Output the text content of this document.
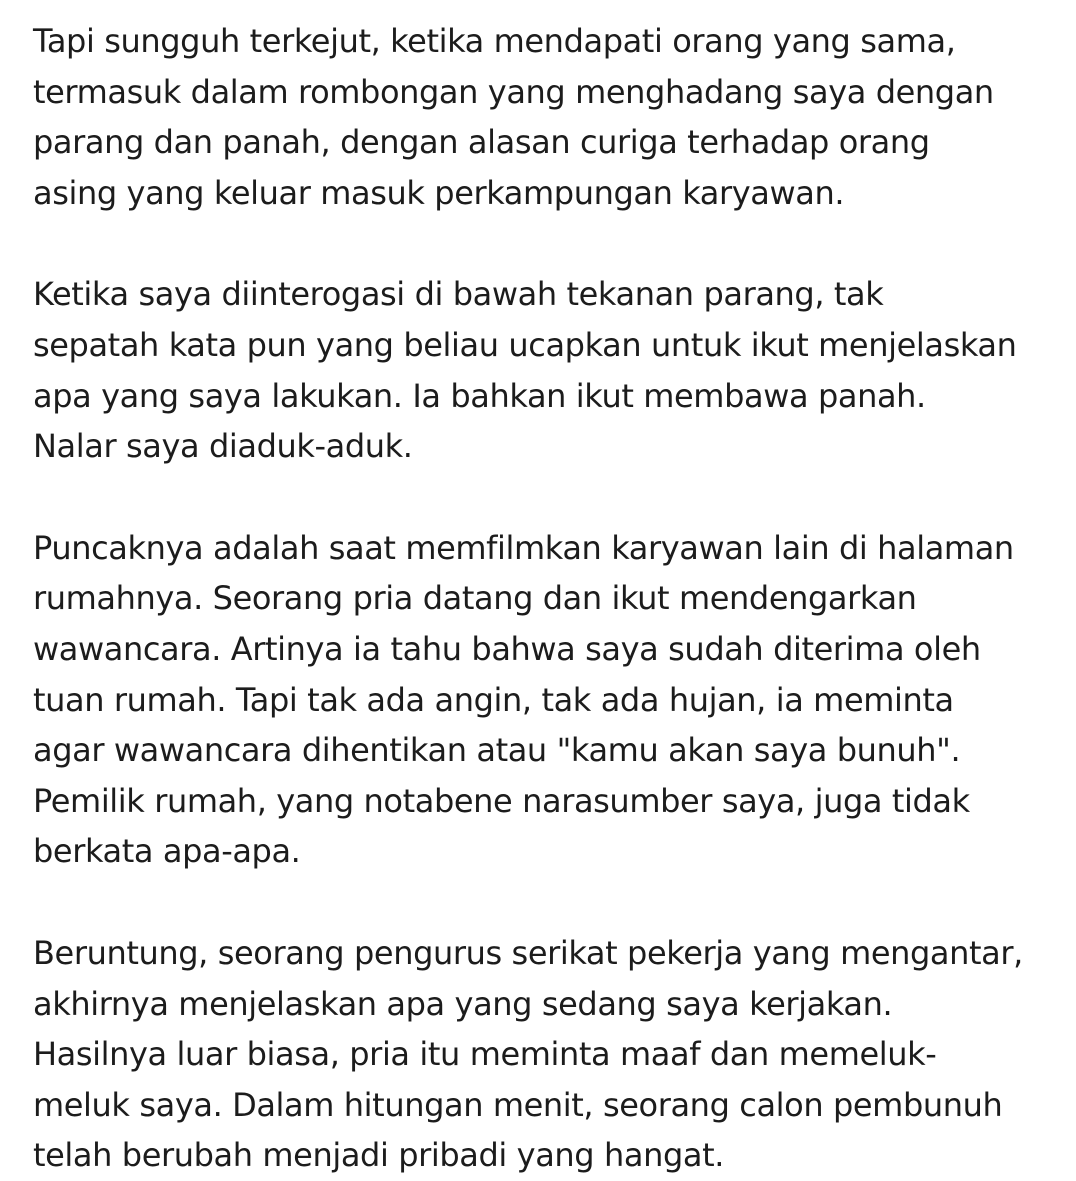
Tapi sungguh terkejut, ketika mendapati orang yang sama,
termasuk dalam rombongan yang menghadang saya dengan
parang dan panah, dengan alasan curiga terhadap orang
asing yang keluar masuk perkampungan karyawan.
Ketika saya diinterogasi di bawah tekanan parang, tak
sepatah kata pun yang beliau ucapkan untuk ikut menjelaskan
apa yang saya lakukan. Ia bahkan ikut membawa panah.
Nalar saya diaduk-aduk.
Puncaknya adalah saat memfilmkan karyawan lain di halaman
rumahnya. Seorang pria datang dan ikut mendengarkan
wawancara. Artinya ia tahu bahwa saya sudah diterima oleh
tuan rumah. Tapi tak ada angin, tak ada hujan, ia meminta
agar wawancara dihentikan atau "kamu akan saya bunuh".
Pemilik rumah, yang notabene narasumber saya, juga tidak
berkata apa-apa.
Beruntung, seorang pengurus serikat pekerja yang mengantar,
akhirnya menjelaskan apa yang sedang saya kerjakan.
Hasilnya luar biasa, pria itu meminta maaf dan memeluk-
meluk saya. Dalam hitungan menit, seorang calon pembunuh
telah berubah menjadi pribadi yang hangat.
